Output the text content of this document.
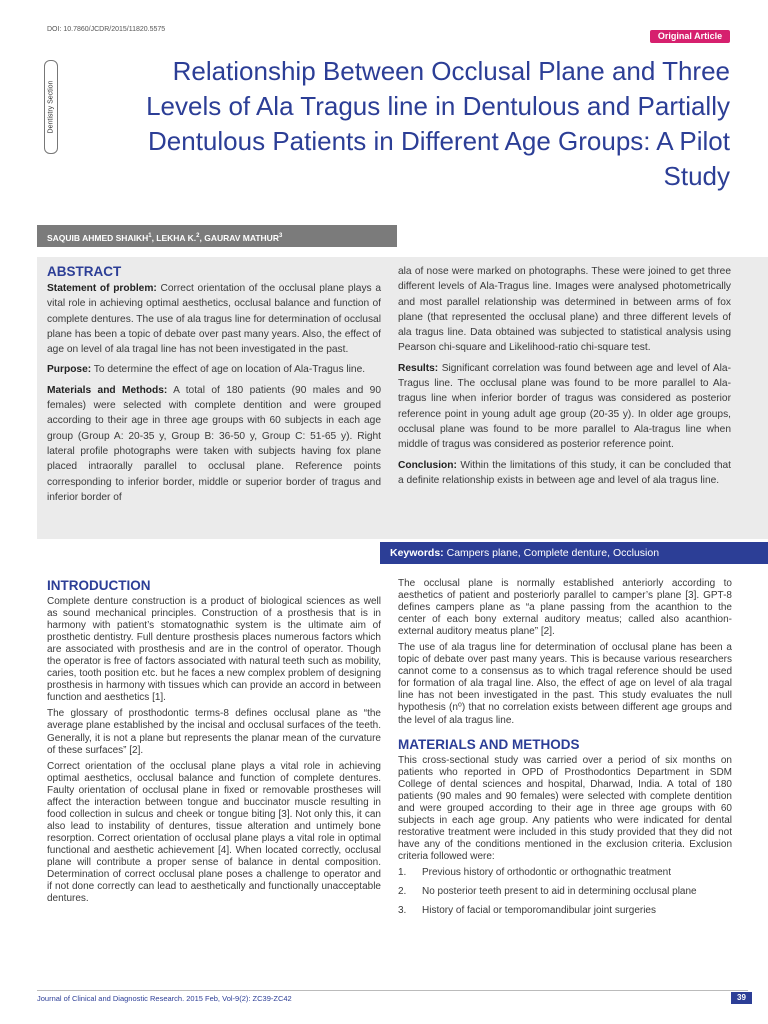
DOI: 10.7860/JCDR/2015/11820.5575
Original Article
Dentistry Section
Relationship Between Occlusal Plane and Three Levels of Ala Tragus line in Dentulous and Partially Dentulous Patients in Different Age Groups: A Pilot Study
SAQUIB AHMED SHAIKH$^1$, LEKHA K.$^2$, GAURAV MATHUR$^3$
ABSTRACT

Statement of problem: Correct orientation of the occlusal plane plays a vital role in achieving optimal aesthetics, occlusal balance and function of complete dentures. The use of ala tragus line for determination of occlusal plane has been a topic of debate over past many years. Also, the effect of age on level of ala tragal line has not been investigated in the past.

Purpose: To determine the effect of age on location of Ala-Tragus line.

Materials and Methods: A total of 180 patients (90 males and 90 females) were selected with complete dentition and were grouped according to their age in three age groups with 60 subjects in each age group (Group A: 20-35 y, Group B: 36-50 y, Group C: 51-65 y). Right lateral profile photographs were taken with subjects having fox plane placed intraorally parallel to occlusal plane. Reference points corresponding to inferior border, middle or superior border of tragus and inferior border of

ala of nose were marked on photographs. These were joined to get three different levels of Ala-Tragus line. Images were analysed photometrically and most parallel relationship was determined in between arms of fox plane (that represented the occlusal plane) and three different levels of ala tragus line. Data obtained was subjected to statistical analysis using Pearson chi-square and Likelihood-ratio chi-square test.

Results: Significant correlation was found between age and level of Ala-Tragus line. The occlusal plane was found to be more parallel to Ala-tragus line when inferior border of tragus was considered as posterior reference point in young adult age group (20-35 y). In older age groups, occlusal plane was found to be more parallel to Ala-tragus line when middle of tragus was considered as posterior reference point.

Conclusion: Within the limitations of this study, it can be concluded that a definite relationship exists in between age and level of ala tragus line.

Keywords: Campers plane, Complete denture, Occlusion
INTRODUCTION

Complete denture construction is a product of biological sciences as well as sound mechanical principles. Construction of a prosthesis that is in harmony with patient’s stomatognathic system is the ultimate aim of prosthetic dentistry. Full denture prosthesis places numerous factors which are associated with prosthesis and are in the control of operator. Though the operator is free of factors associated with natural teeth such as mobility, caries, tooth position etc. but he faces a new complex problem of designing prosthesis in harmony with tissues which can provide an accord in between function and aesthetics [1].

The glossary of prosthodontic terms-8 defines occlusal plane as “the average plane established by the incisal and occlusal surfaces of the teeth. Generally, it is not a plane but represents the planar mean of the curvature of these surfaces” [2].

Correct orientation of the occlusal plane plays a vital role in achieving optimal aesthetics, occlusal balance and function of complete dentures. Faulty orientation of occlusal plane in fixed or removable prostheses will affect the interaction between tongue and buccinator muscle resulting in food collection in sulcus and cheek or tongue biting [3]. Not only this, it can also lead to instability of dentures, tissue alteration and untimely bone resorption. Correct orientation of occlusal plane plays a vital role in optimal functional and aesthetic achievement [4]. When located correctly, occlusal plane will contribute a proper sense of balance in dental composition. Determination of correct occlusal plane poses a challenge to operator and if not done correctly can lead to aesthetically and functionally unacceptable dentures.

The occlusal plane is normally established anteriorly according to aesthetics of patient and posteriorly parallel to camper’s plane [3]. GPT-8 defines campers plane as “a plane passing from the acanthion to the center of each bony external auditory meatus; called also acanthion-external auditory meatus plane” [2].

The use of ala tragus line for determination of occlusal plane has been a topic of debate over past many years. This is because various researchers cannot come to a consensus as to which tragal reference should be used for formation of ala tragal line. Also, the effect of age on level of ala tragal line has not been investigated in the past. This study evaluates the null hypothesis (n⁰) that no correlation exists between different age groups and the level of ala tragus line.

MATERIALS AND METHODS

This cross-sectional study was carried over a period of six months on patients who reported in OPD of Prosthodontics Department in SDM College of dental sciences and hospital, Dharwad, India. A total of 180 patients (90 males and 90 females) were selected with complete dentition and were grouped according to their age in three age groups with 60 subjects in each age group. Any patients who were indicated for dental restorative treatment were included in this study provided that they did not have any of the conditions mentioned in the exclusion criteria. Exclusion criteria followed were:

1.	Previous history of orthodontic or orthognathic treatment
2.	No posterior teeth present to aid in determining occlusal plane
3.	History of facial or temporomandibular joint surgeries
Journal of Clinical and Diagnostic Research. 2015 Feb, Vol-9(2): ZC39-ZC42	39
